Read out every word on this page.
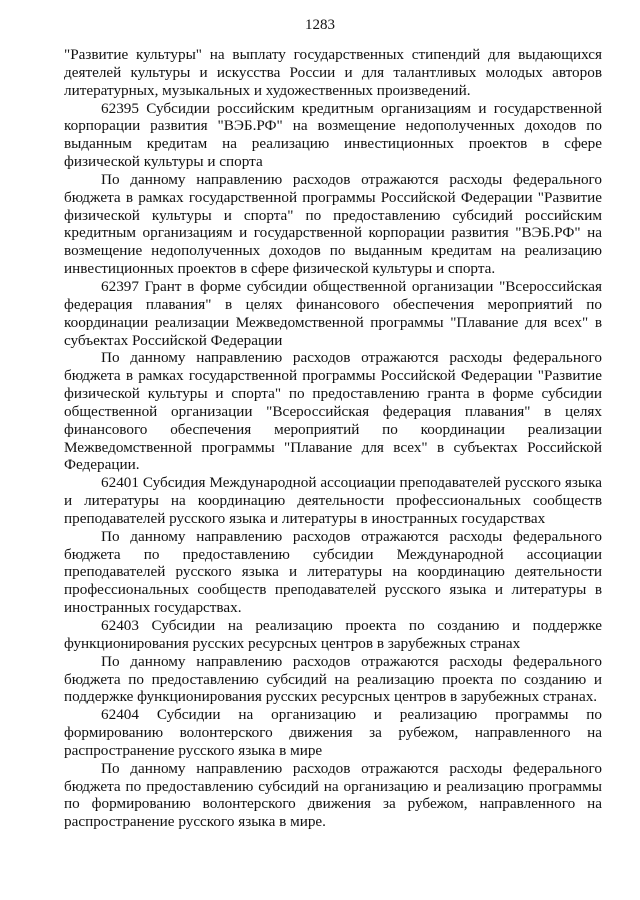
1283

"Развитие культуры" на выплату государственных стипендий для выдающихся деятелей культуры и искусства России и для талантливых молодых авторов литературных, музыкальных и художественных произведений.

62395 Субсидии российским кредитным организациям и государственной корпорации развития "ВЭБ.РФ" на возмещение недополученных доходов по выданным кредитам на реализацию инвестиционных проектов в сфере физической культуры и спорта

По данному направлению расходов отражаются расходы федерального бюджета в рамках государственной программы Российской Федерации "Развитие физической культуры и спорта" по предоставлению субсидий российским кредитным организациям и государственной корпорации развития "ВЭБ.РФ" на возмещение недополученных доходов по выданным кредитам на реализацию инвестиционных проектов в сфере физической культуры и спорта.

62397 Грант в форме субсидии общественной организации "Всероссийская федерация плавания" в целях финансового обеспечения мероприятий по координации реализации Межведомственной программы "Плавание для всех" в субъектах Российской Федерации

По данному направлению расходов отражаются расходы федерального бюджета в рамках государственной программы Российской Федерации "Развитие физической культуры и спорта" по предоставлению гранта в форме субсидии общественной организации "Всероссийская федерация плавания" в целях финансового обеспечения мероприятий по координации реализации Межведомственной программы "Плавание для всех" в субъектах Российской Федерации.

62401 Субсидия Международной ассоциации преподавателей русского языка и литературы на координацию деятельности профессиональных сообществ преподавателей русского языка и литературы в иностранных государствах

По данному направлению расходов отражаются расходы федерального бюджета по предоставлению субсидии Международной ассоциации преподавателей русского языка и литературы на координацию деятельности профессиональных сообществ преподавателей русского языка и литературы в иностранных государствах.

62403 Субсидии на реализацию проекта по созданию и поддержке функционирования русских ресурсных центров в зарубежных странах

По данному направлению расходов отражаются расходы федерального бюджета по предоставлению субсидий на реализацию проекта по созданию и поддержке функционирования русских ресурсных центров в зарубежных странах.

62404 Субсидии на организацию и реализацию программы по формированию волонтерского движения за рубежом, направленного на распространение русского языка в мире

По данному направлению расходов отражаются расходы федерального бюджета по предоставлению субсидий на организацию и реализацию программы по формированию волонтерского движения за рубежом, направленного на распространение русского языка в мире.
